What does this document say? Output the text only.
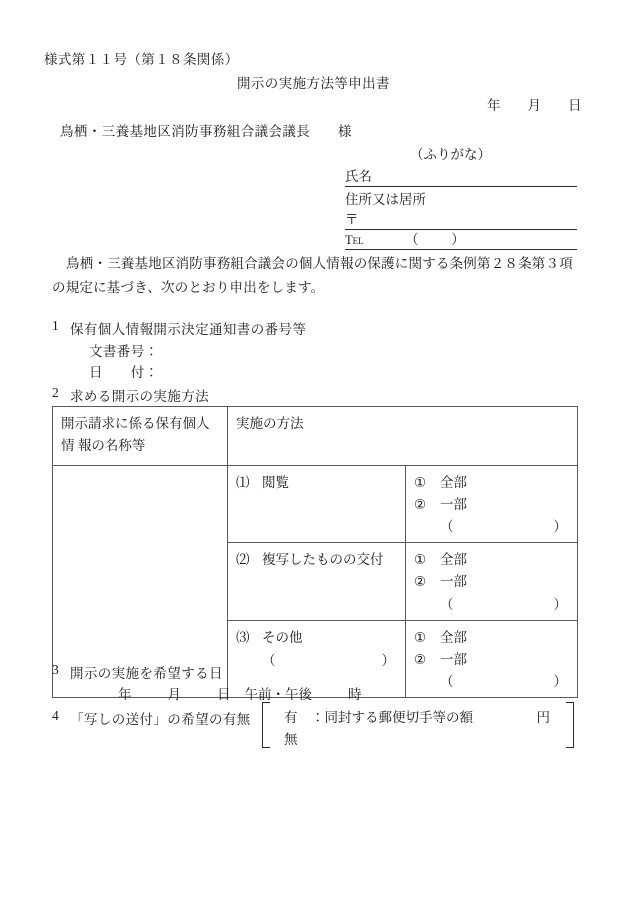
様式第１１号（第１８条関係）
開示の実施方法等申出書
年　　月　　日
鳥栖・三養基地区消防事務組合議会議長　　様
（ふりがな）
氏名
住所又は居所
〒
Tel	（ ）
鳥栖・三養基地区消防事務組合議会の個人情報の保護に関する条例第２８条第３項の規定に基づき、次のとおり申出をします。
1 保有個人情報開示決定通知書の番号等
文書番号：
日　　付：
2 求める開示の実施方法
開示請求に係る保有個人情 報の名称等	実施の方法	
	⑴ 閲覧	① 全部
② 一部
（ ）

	⑵ 複写したものの交付	① 全部
② 一部
（ ）

	⑶ その他
（ ）	① 全部
② 一部
（ ）
3 開示の実施を希望する日
年	月	日 午前・午後	時
4 「写しの送付」の希望の有無 有　：同封する郵便切手等の額	円
無
